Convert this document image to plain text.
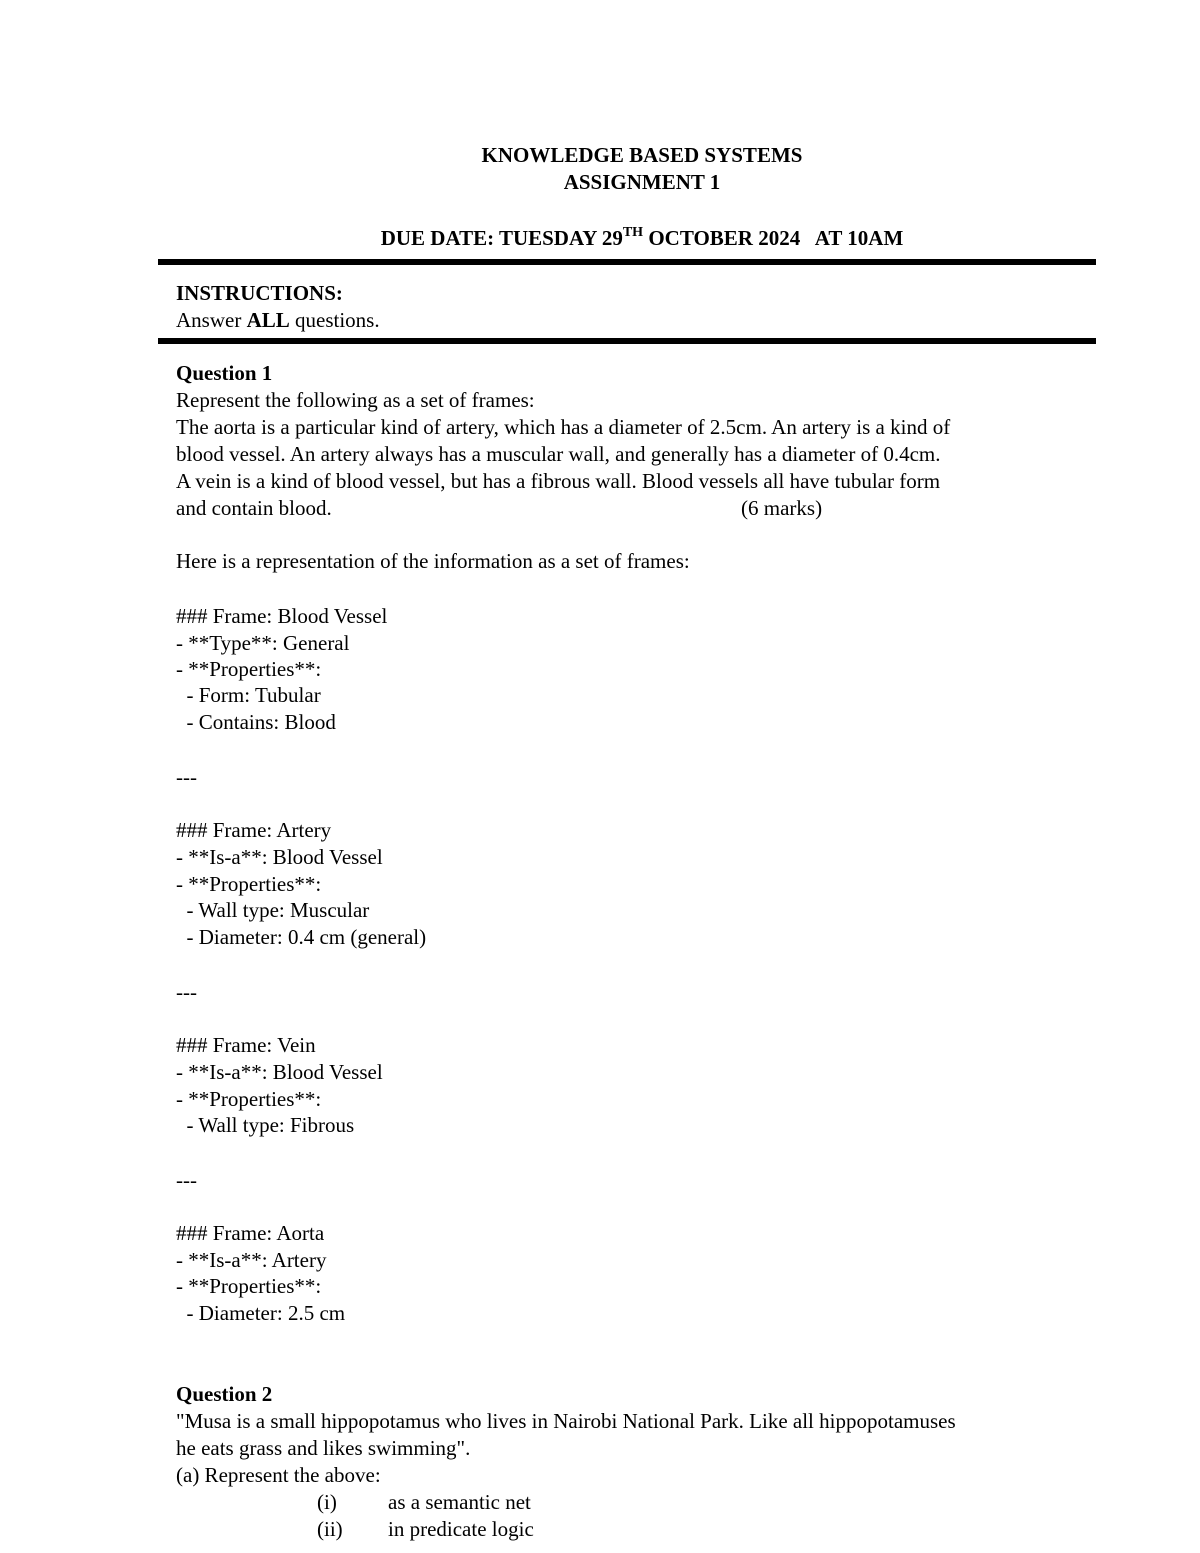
KNOWLEDGE BASED SYSTEMS
ASSIGNMENT 1
DUE DATE: TUESDAY 29TH OCTOBER 2024   AT 10AM
INSTRUCTIONS:
Answer ALL questions.
Question 1
Represent the following as a set of frames:
The aorta is a particular kind of artery, which has a diameter of 2.5cm. An artery is a kind of
blood vessel. An artery always has a muscular wall, and generally has a diameter of 0.4cm.
A vein is a kind of blood vessel, but has a fibrous wall. Blood vessels all have tubular form
and contain blood.	(6 marks)
Here is a representation of the information as a set of frames:
### Frame: Blood Vessel
- **Type**: General
- **Properties**:
- Form: Tubular
- Contains: Blood
---
### Frame: Artery
- **Is-a**: Blood Vessel
- **Properties**:
- Wall type: Muscular
- Diameter: 0.4 cm (general)
---
### Frame: Vein
- **Is-a**: Blood Vessel
- **Properties**:
- Wall type: Fibrous
---
### Frame: Aorta
- **Is-a**: Artery
- **Properties**:
- Diameter: 2.5 cm
Question 2
"Musa is a small hippopotamus who lives in Nairobi National Park. Like all hippopotamuses
he eats grass and likes swimming".
(a) Represent the above:
(i) as a semantic net
(ii) in predicate logic
